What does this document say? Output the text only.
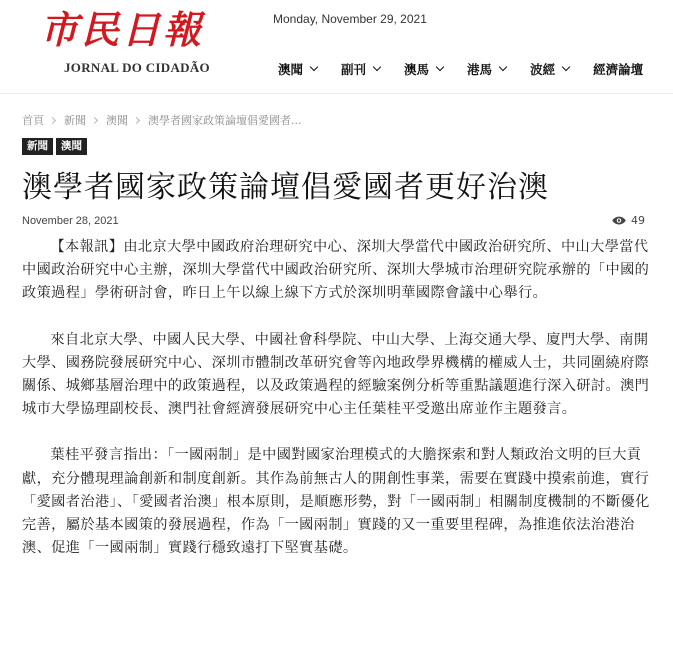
市民日報
JORNAL DO CIDADÃO
Monday, November 29, 2021
澳聞	副刊	澳馬	港馬	波經	經濟論壇
首頁 新聞 澳聞 澳學者國家政策論壇倡愛國者...
新聞	澳聞
澳學者國家政策論壇倡愛國者更好治澳
November 28, 2021	49

【本報訊】由北京大學中國政府治理研究中心、深圳大學當代中國政治研究所、中山大學當代中國政治研究中心主辦，深圳大學當代中國政治研究所、深圳大學城市治理研究院承辦的「中國的政策過程」學術研討會，昨日上午以線上線下方式於深圳明華國際會議中心舉行。

來自北京大學、中國人民大學、中國社會科學院、中山大學、上海交通大學、廈門大學、南開大學、國務院發展研究中心、深圳市體制改革研究會等內地政學界機構的權威人士，共同圍繞府際關係、城鄉基層治理中的政策過程，以及政策過程的經驗案例分析等重點議題進行深入研討。澳門城市大學協理副校長、澳門社會經濟發展研究中心主任葉桂平受邀出席並作主題發言。

葉桂平發言指出：「一國兩制」是中國對國家治理模式的大膽探索和對人類政治文明的巨大貢獻，充分體現理論創新和制度創新。其作為前無古人的開創性事業，需要在實踐中摸索前進，實行「愛國者治港」、「愛國者治澳」根本原則，是順應形勢，對「一國兩制」相關制度機制的不斷優化完善，屬於基本國策的發展過程，作為「一國兩制」實踐的又一重要里程碑，為推進依法治港治澳、促進「一國兩制」實踐行穩致遠打下堅實基礎。
